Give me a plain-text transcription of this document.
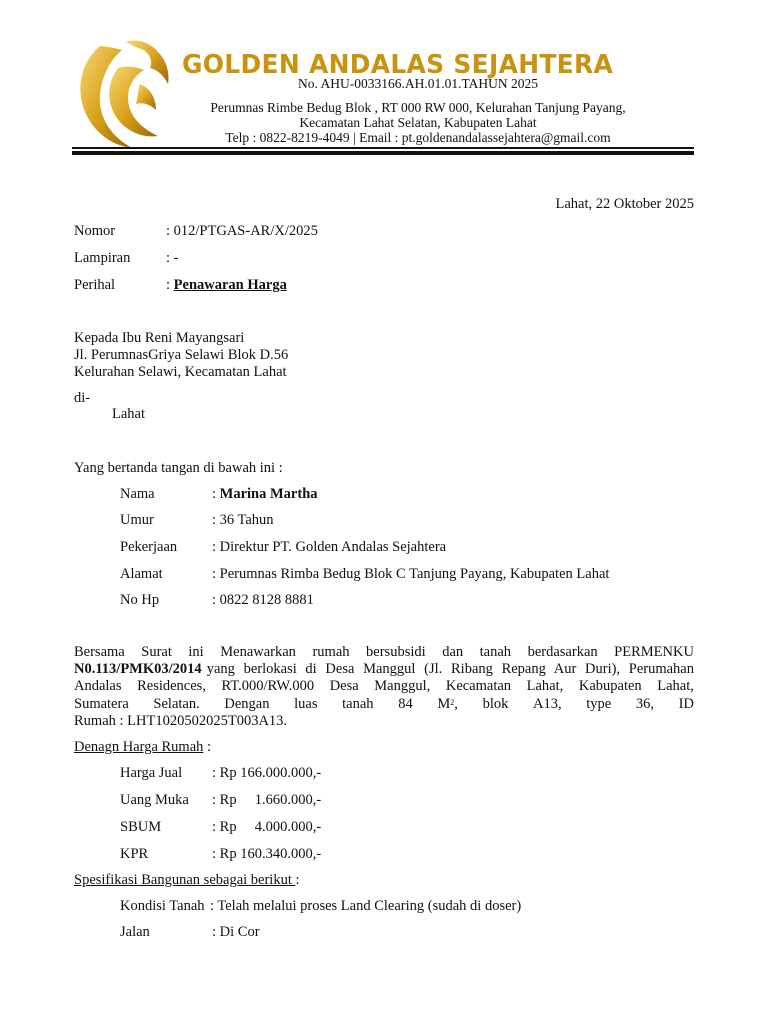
GOLDEN ANDALAS SEJAHTERA
No. AHU-0033166.AH.01.01.TAHUN 2025
Perumnas Rimbe Bedug Blok , RT 000 RW 000, Kelurahan Tanjung Payang,
Kecamatan Lahat Selatan, Kabupaten Lahat
Telp : 0822-8219-4049 | Email : pt.goldenandalassejahtera@gmail.com
Lahat, 22 Oktober 2025
Nomor	: 012/PTGAS-AR/X/2025
Lampiran : -
Perihal	: Penawaran Harga
Kepada Ibu Reni Mayangsari
Jl. PerumnasGriya Selawi Blok D.56
Kelurahan Selawi, Kecamatan Lahat
di-
Lahat
Yang bertanda tangan di bawah ini :
Nama	: Marina Martha
Umur	: 36 Tahun
Pekerjaan : Direktur PT. Golden Andalas Sejahtera
Alamat	: Perumnas Rimba Bedug Blok C Tanjung Payang, Kabupaten Lahat
No Hp	: 0822 8128 8881
Bersama Surat ini Menawarkan rumah bersubsidi dan tanah berdasarkan PERMENKU
N0.113/PMK03/2014 yang berlokasi di Desa Manggul (Jl. Ribang Repang Aur Duri), Perumahan
Andalas Residences, RT.000/RW.000 Desa Manggul, Kecamatan Lahat, Kabupaten Lahat,
Sumatera Selatan. Dengan luas tanah 84 $M^2$, blok A13, type 36, ID
Rumah : LHT1020502025T003A13.
Denagn Harga Rumah :
Harga Jual : Rp 166.000.000,-
Uang Muka : Rp     1.660.000,-
SBUM	: Rp     4.000.000,-
KPR	: Rp 160.340.000,-
Spesifikasi Bangunan sebagai berikut :
Kondisi Tanah : Telah melalui proses Land Clearing (sudah di doser)
Jalan	: Di Cor
